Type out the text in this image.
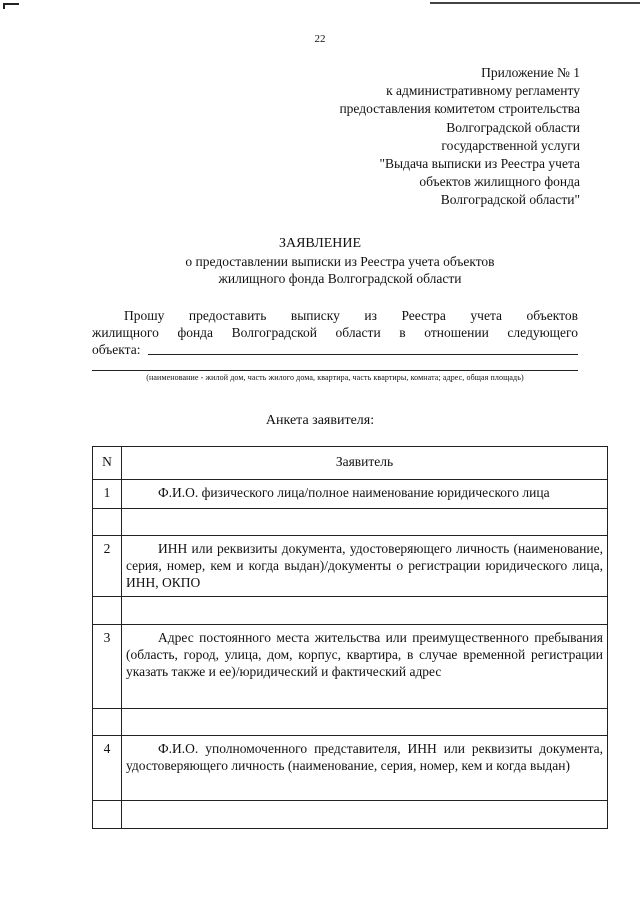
22
Приложение № 1
к административному регламенту
предоставления комитетом строительства
Волгоградской области
государственной услуги
"Выдача выписки из Реестра учета
объектов жилищного фонда
Волгоградской области"
ЗАЯВЛЕНИЕ
о предоставлении выписки из Реестра учета объектов
жилищного фонда Волгоградской области
Прошу предоставить выписку из Реестра учета объектов
жилищного фонда Волгоградской области в отношении следующего
объекта:
(наименование - жилой дом, часть жилого дома, квартира, часть квартиры, комната; адрес, общая площадь)
Анкета заявителя:
N	Заявитель
1	Ф.И.О. физического лица/полное наименование юридического лица

2	ИНН или реквизиты документа, удостоверяющего личность (наименование, серия, номер, кем и когда выдан)/документы о регистрации юридического лица, ИНН, ОКПО

3	Адрес постоянного места жительства или преимущественного пребывания (область, город, улица, дом, корпус, квартира, в случае временной регистрации указать также и ее)/юридический и фактический адрес

4	Ф.И.О. уполномоченного представителя, ИНН или реквизиты документа, удостоверяющего личность (наименование, серия, номер, кем и когда выдан)
